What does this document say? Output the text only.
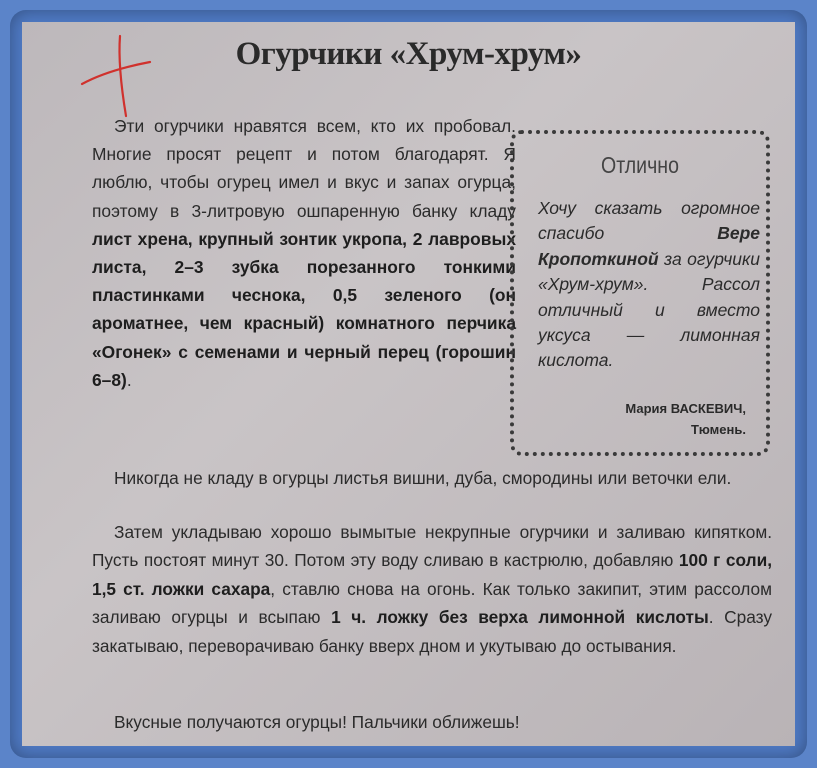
Огурчики «Хрум-хрум»
Эти огурчики нравятся всем, кто их пробовал. Многие просят рецепт и потом благодарят. Я люблю, чтобы огурец имел и вкус и запах огурца, поэтому в 3-литровую ошпаренную банку кладу лист хрена, крупный зонтик укропа, 2 лавровых листа, 2–3 зубка порезанного тонкими пластинками чеснока, 0,5 зеленого (он ароматнее, чем красный) комнатного перчика «Огонек» с семенами и черный перец (горошин 6–8).
Отлично
Хочу сказать огромное спасибо Вере Кропоткиной за огурчики «Хрум-хрум». Рассол отличный и вместо уксуса — лимонная кислота.
Мария ВАСКЕВИЧ,
Тюмень.
Никогда не кладу в огурцы листья вишни, дуба, смородины или веточки ели.
Затем укладываю хорошо вымытые некрупные огурчики и заливаю кипятком. Пусть постоят минут 30. Потом эту воду сливаю в кастрюлю, добавляю 100 г соли, 1,5 ст. ложки сахара, ставлю снова на огонь. Как только закипит, этим рассолом заливаю огурцы и всыпаю 1 ч. ложку без верха лимонной кислоты. Сразу закатываю, переворачиваю банку вверх дном и укутываю до остывания.
Вкусные получаются огурцы! Пальчики оближешь!
